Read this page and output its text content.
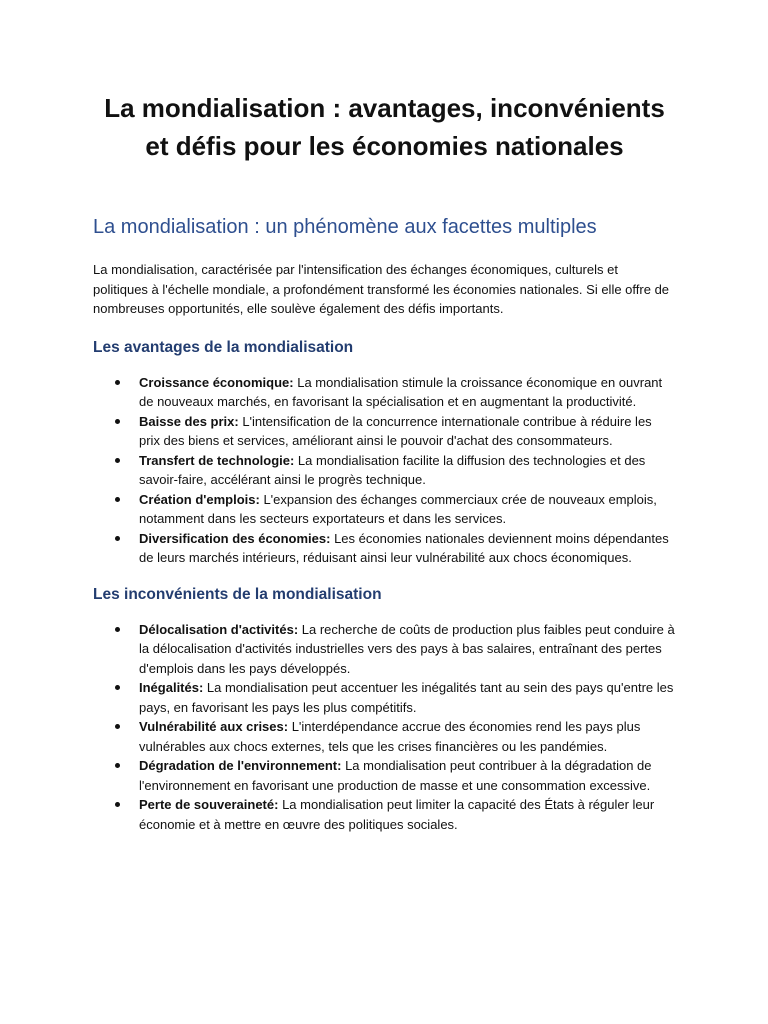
La mondialisation : avantages, inconvénients
et défis pour les économies nationales
La mondialisation : un phénomène aux facettes multiples

La mondialisation, caractérisée par l'intensification des échanges économiques, culturels et politiques à l'échelle mondiale, a profondément transformé les économies nationales. Si elle offre de nombreuses opportunités, elle soulève également des défis importants.

Les avantages de la mondialisation
Croissance économique: La mondialisation stimule la croissance économique en ouvrant de nouveaux marchés, en favorisant la spécialisation et en augmentant la productivité.
Baisse des prix: L'intensification de la concurrence internationale contribue à réduire les prix des biens et services, améliorant ainsi le pouvoir d'achat des consommateurs.
Transfert de technologie: La mondialisation facilite la diffusion des technologies et des savoir-faire, accélérant ainsi le progrès technique.
Création d'emplois: L'expansion des échanges commerciaux crée de nouveaux emplois, notamment dans les secteurs exportateurs et dans les services.
Diversification des économies: Les économies nationales deviennent moins dépendantes de leurs marchés intérieurs, réduisant ainsi leur vulnérabilité aux chocs économiques.
Les inconvénients de la mondialisation
Délocalisation d'activités: La recherche de coûts de production plus faibles peut conduire à la délocalisation d'activités industrielles vers des pays à bas salaires, entraînant des pertes d'emplois dans les pays développés.
Inégalités: La mondialisation peut accentuer les inégalités tant au sein des pays qu'entre les pays, en favorisant les pays les plus compétitifs.
Vulnérabilité aux crises: L'interdépendance accrue des économies rend les pays plus vulnérables aux chocs externes, tels que les crises financières ou les pandémies.
Dégradation de l'environnement: La mondialisation peut contribuer à la dégradation de l'environnement en favorisant une production de masse et une consommation excessive.
Perte de souveraineté: La mondialisation peut limiter la capacité des États à réguler leur économie et à mettre en œuvre des politiques sociales.
